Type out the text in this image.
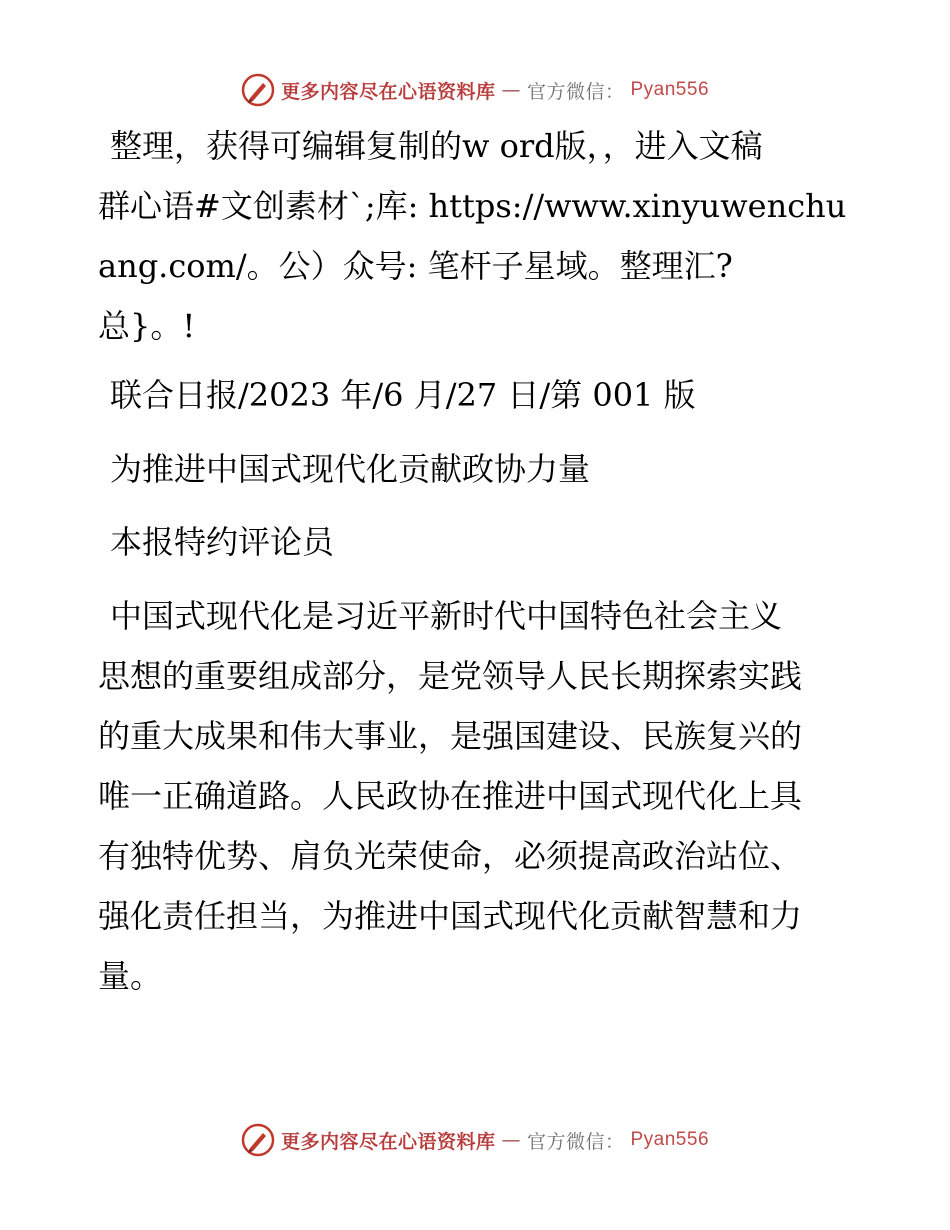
更多内容尽在心语资料库 — 官方微信： Pyan556
整理，获得可编辑复制的w ord版，，进入文稿
群心语#文创素材`;库: https://www.xinyuwenchu
ang.com/。公）众号: 笔杆子星域。整理汇?
总}。!
联合日报/2023 年/6 月/27 日/第 001 版
为推进中国式现代化贡献政协力量
本报特约评论员
中国式现代化是习近平新时代中国特色社会主义
思想的重要组成部分，是党领导人民长期探索实践
的重大成果和伟大事业，是强国建设、民族复兴的
唯一正确道路。人民政协在推进中国式现代化上具
有独特优势、肩负光荣使命，必须提高政治站位、
强化责任担当，为推进中国式现代化贡献智慧和力
量。
更多内容尽在心语资料库 — 官方微信： Pyan556
